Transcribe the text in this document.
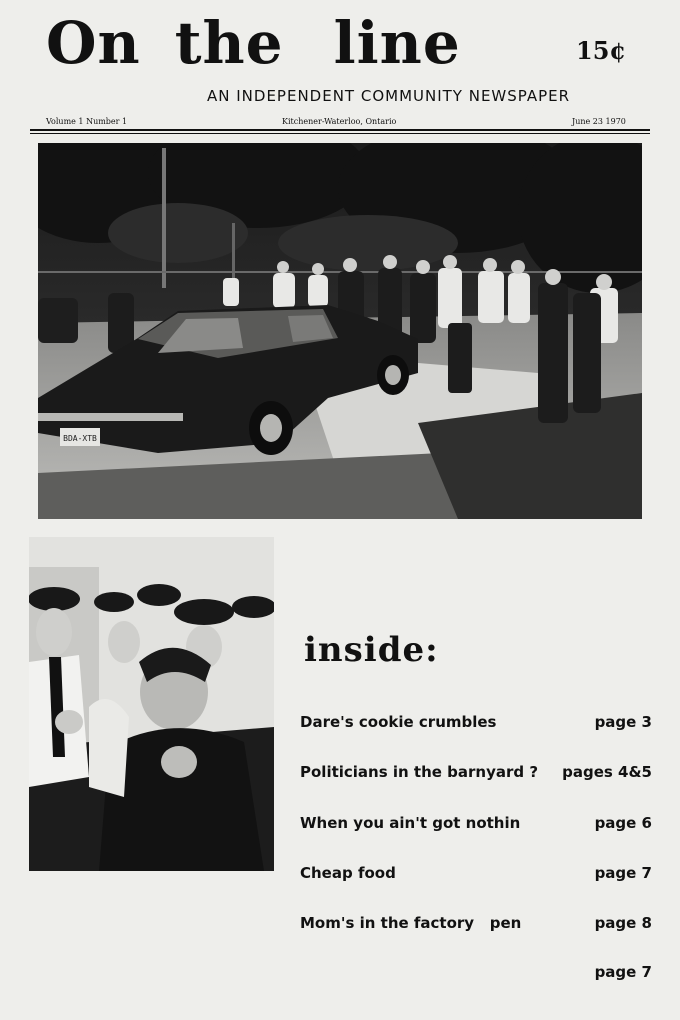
On the line	15¢
AN INDEPENDENT COMMUNITY NEWSPAPER
Volume 1 Number 1	Kitchener-Waterloo, Ontario	June 23 1970
BDA-XTB
inside:
Dare's cookie crumbles	page 3
Politicians in the barnyard ? pages 4&5
When you ain't got nothin	page 6
Cheap food	page 7
Mom's in the factory   pen	page 8
page 7
